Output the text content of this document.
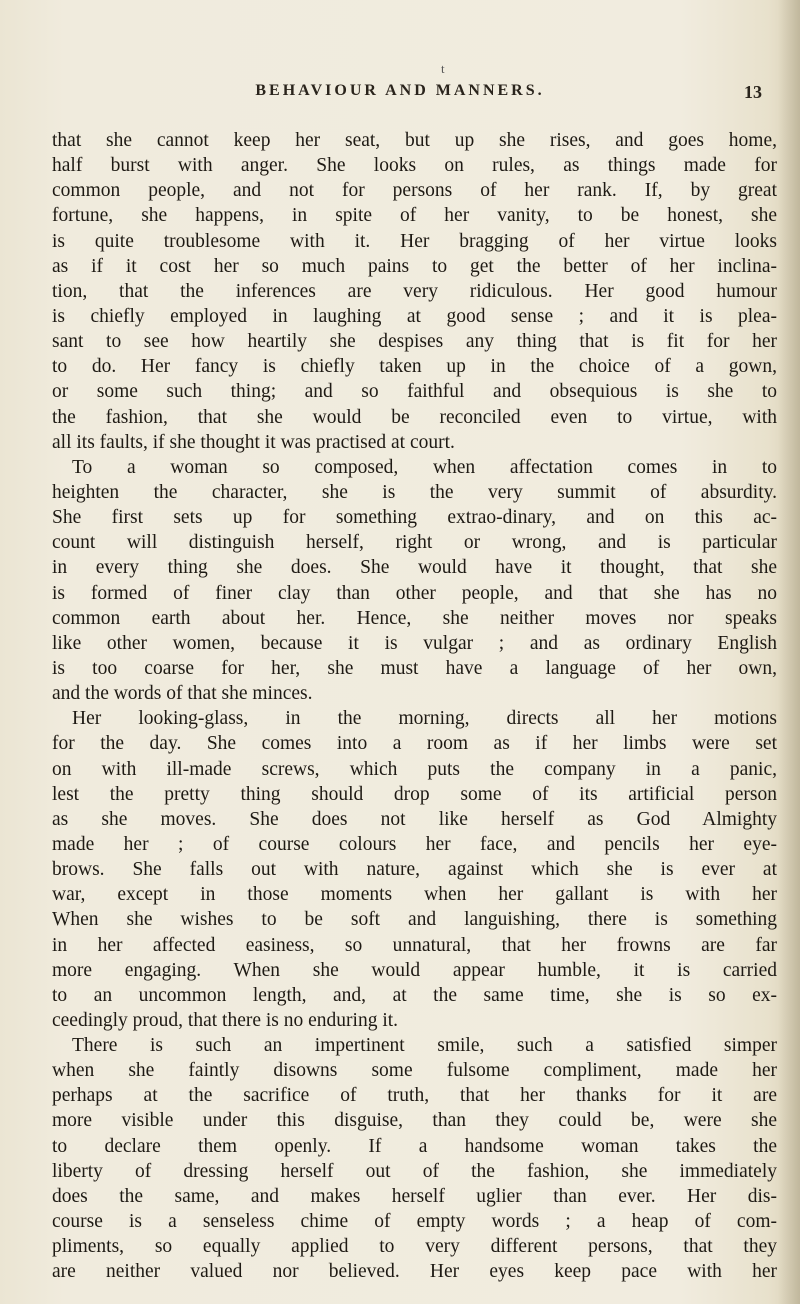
t
BEHAVIOUR AND MANNERS.	13
that she cannot keep her seat, but up she rises, and goes home,
half burst with anger. She looks on rules, as things made for
common people, and not for persons of her rank. If, by great
fortune, she happens, in spite of her vanity, to be honest, she
is quite troublesome with it. Her bragging of her virtue looks
as if it cost her so much pains to get the better of her inclina-
tion, that the inferences are very ridiculous. Her good humour
is chiefly employed in laughing at good sense ; and it is plea-
sant to see how heartily she despises any thing that is fit for her
to do. Her fancy is chiefly taken up in the choice of a gown,
or some such thing; and so faithful and obsequious is she to
the fashion, that she would be reconciled even to virtue, with
all its faults, if she thought it was practised at court.
To a woman so composed, when affectation comes in to
heighten the character, she is the very summit of absurdity.
She first sets up for something extrao-dinary, and on this ac-
count will distinguish herself, right or wrong, and is particular
in every thing she does. She would have it thought, that she
is formed of finer clay than other people, and that she has no
common earth about her. Hence, she neither moves nor speaks
like other women, because it is vulgar ; and as ordinary English
is too coarse for her, she must have a language of her own,
and the words of that she minces.
Her looking-glass, in the morning, directs all her motions
for the day. She comes into a room as if her limbs were set
on with ill-made screws, which puts the company in a panic,
lest the pretty thing should drop some of its artificial person
as she moves. She does not like herself as God Almighty
made her ; of course colours her face, and pencils her eye-
brows. She falls out with nature, against which she is ever at
war, except in those moments when her gallant is with her
When she wishes to be soft and languishing, there is something
in her affected easiness, so unnatural, that her frowns are far
more engaging. When she would appear humble, it is carried
to an uncommon length, and, at the same time, she is so ex-
ceedingly proud, that there is no enduring it.
There is such an impertinent smile, such a satisfied simper
when she faintly disowns some fulsome compliment, made her
perhaps at the sacrifice of truth, that her thanks for it are
more visible under this disguise, than they could be, were she
to declare them openly. If a handsome woman takes the
liberty of dressing herself out of the fashion, she immediately
does the same, and makes herself uglier than ever. Her dis-
course is a senseless chime of empty words ; a heap of com-
pliments, so equally applied to very different persons, that they
are neither valued nor believed. Her eyes keep pace with her
